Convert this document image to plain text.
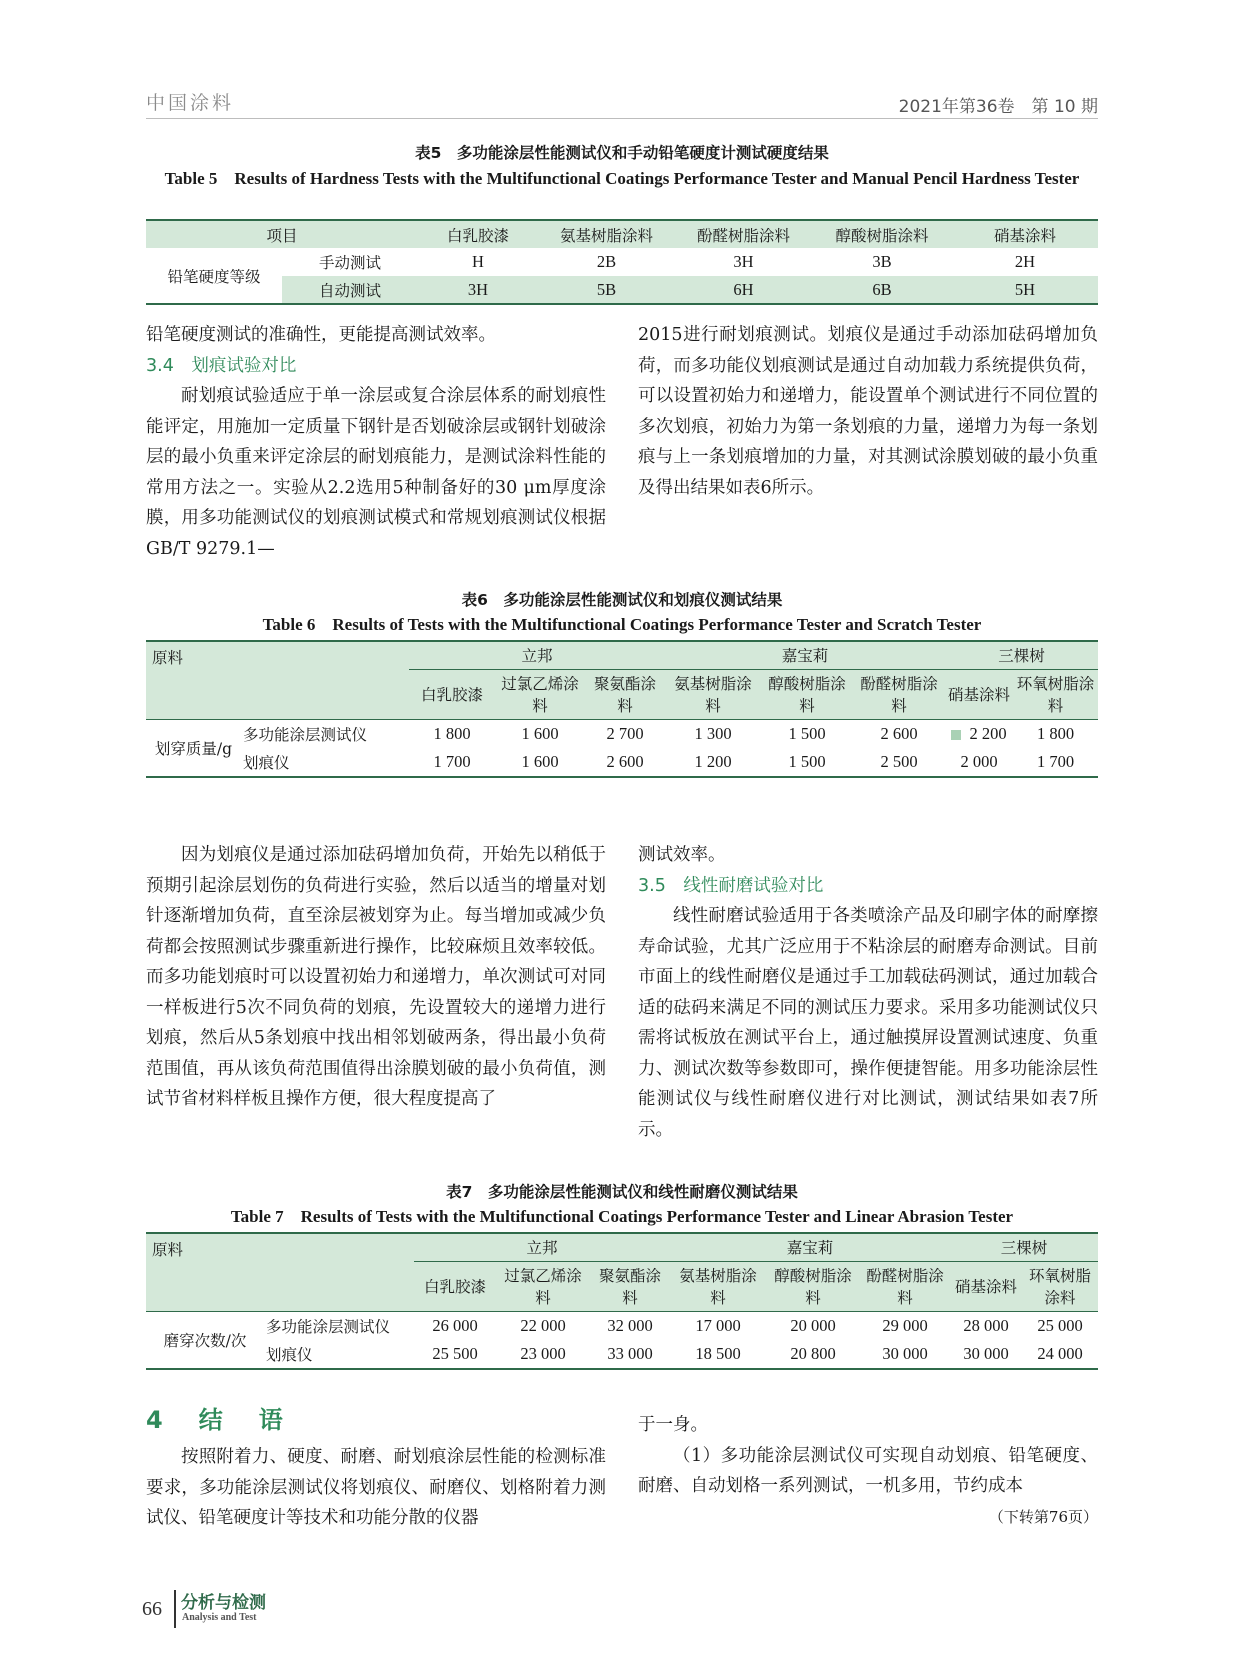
中国涂料	2021年第36卷　第 10 期
表5　多功能涂层性能测试仪和手动铅笔硬度计测试硬度结果
Table 5　Results of Hardness Tests with the Multifunctional Coatings Performance Tester and Manual Pencil Hardness Tester
项目		白乳胶漆	氨基树脂涂料	酚醛树脂涂料	醇酸树脂涂料	硝基涂料
铅笔硬度等级	手动测试	H	2B	3H	3B	2H
	自动测试	3H	5B	6H	6B	5H

铅笔硬度测试的准确性，更能提高测试效率。

3.4　划痕试验对比

耐划痕试验适应于单一涂层或复合涂层体系的耐划痕性能评定，用施加一定质量下钢针是否划破涂层或钢针划破涂层的最小负重来评定涂层的耐划痕能力，是测试涂料性能的常用方法之一。实验从2.2选用5种制备好的30 μm厚度涂膜，用多功能测试仪的划痕测试模式和常规划痕测试仪根据GB/T 9279.1—

2015进行耐划痕测试。划痕仪是通过手动添加砝码增加负荷，而多功能仪划痕测试是通过自动加载力系统提供负荷，可以设置初始力和递增力，能设置单个测试进行不同位置的多次划痕，初始力为第一条划痕的力量，递增力为每一条划痕与上一条划痕增加的力量，对其测试涂膜划破的最小负重及得出结果如表6所示。

表6　多功能涂层性能测试仪和划痕仪测试结果
Table 6　Results of Tests with the Multifunctional Coatings Performance Tester and Scratch Tester
原料		立邦			嘉宝莉			三棵树	
		白乳胶漆	过氯乙烯涂料	聚氨酯涂料	氨基树脂涂料	醇酸树脂涂料	酚醛树脂涂料	硝基涂料	环氧树脂涂料
划穿质量/g	多功能涂层测试仪	1 800	1 600	2 700	1 300	1 500	2 600	2 200	1 800
	划痕仪	1 700	1 600	2 600	1 200	1 500	2 500	2 000	1 700

因为划痕仪是通过添加砝码增加负荷，开始先以稍低于预期引起涂层划伤的负荷进行实验，然后以适当的增量对划针逐渐增加负荷，直至涂层被划穿为止。每当增加或减少负荷都会按照测试步骤重新进行操作，比较麻烦且效率较低。而多功能划痕时可以设置初始力和递增力，单次测试可对同一样板进行5次不同负荷的划痕，先设置较大的递增力进行划痕，然后从5条划痕中找出相邻划破两条，得出最小负荷范围值，再从该负荷范围值得出涂膜划破的最小负荷值，测试节省材料样板且操作方便，很大程度提高了

测试效率。

3.5　线性耐磨试验对比

线性耐磨试验适用于各类喷涂产品及印刷字体的耐摩擦寿命试验，尤其广泛应用于不粘涂层的耐磨寿命测试。目前市面上的线性耐磨仪是通过手工加载砝码测试，通过加载合适的砝码来满足不同的测试压力要求。采用多功能测试仪只需将试板放在测试平台上，通过触摸屏设置测试速度、负重力、测试次数等参数即可，操作便捷智能。用多功能涂层性能测试仪与线性耐磨仪进行对比测试，测试结果如表7所示。

表7　多功能涂层性能测试仪和线性耐磨仪测试结果
Table 7　Results of Tests with the Multifunctional Coatings Performance Tester and Linear Abrasion Tester
原料		立邦			嘉宝莉			三棵树	
		白乳胶漆	过氯乙烯涂料	聚氨酯涂料	氨基树脂涂料	醇酸树脂涂料	酚醛树脂涂料	硝基涂料	环氧树脂涂料
磨穿次数/次	多功能涂层测试仪	26 000	22 000	32 000	17 000	20 000	29 000	28 000	25 000
	划痕仪	25 500	23 000	33 000	18 500	20 800	30 000	30 000	24 000

4　结　语

按照附着力、硬度、耐磨、耐划痕涂层性能的检测标准要求，多功能涂层测试仪将划痕仪、耐磨仪、划格附着力测试仪、铅笔硬度计等技术和功能分散的仪器

于一身。

（1）多功能涂层测试仪可实现自动划痕、铅笔硬度、耐磨、自动划格一系列测试，一机多用，节约成本

（下转第76页）

66 分析与检测
Analysis and Test
